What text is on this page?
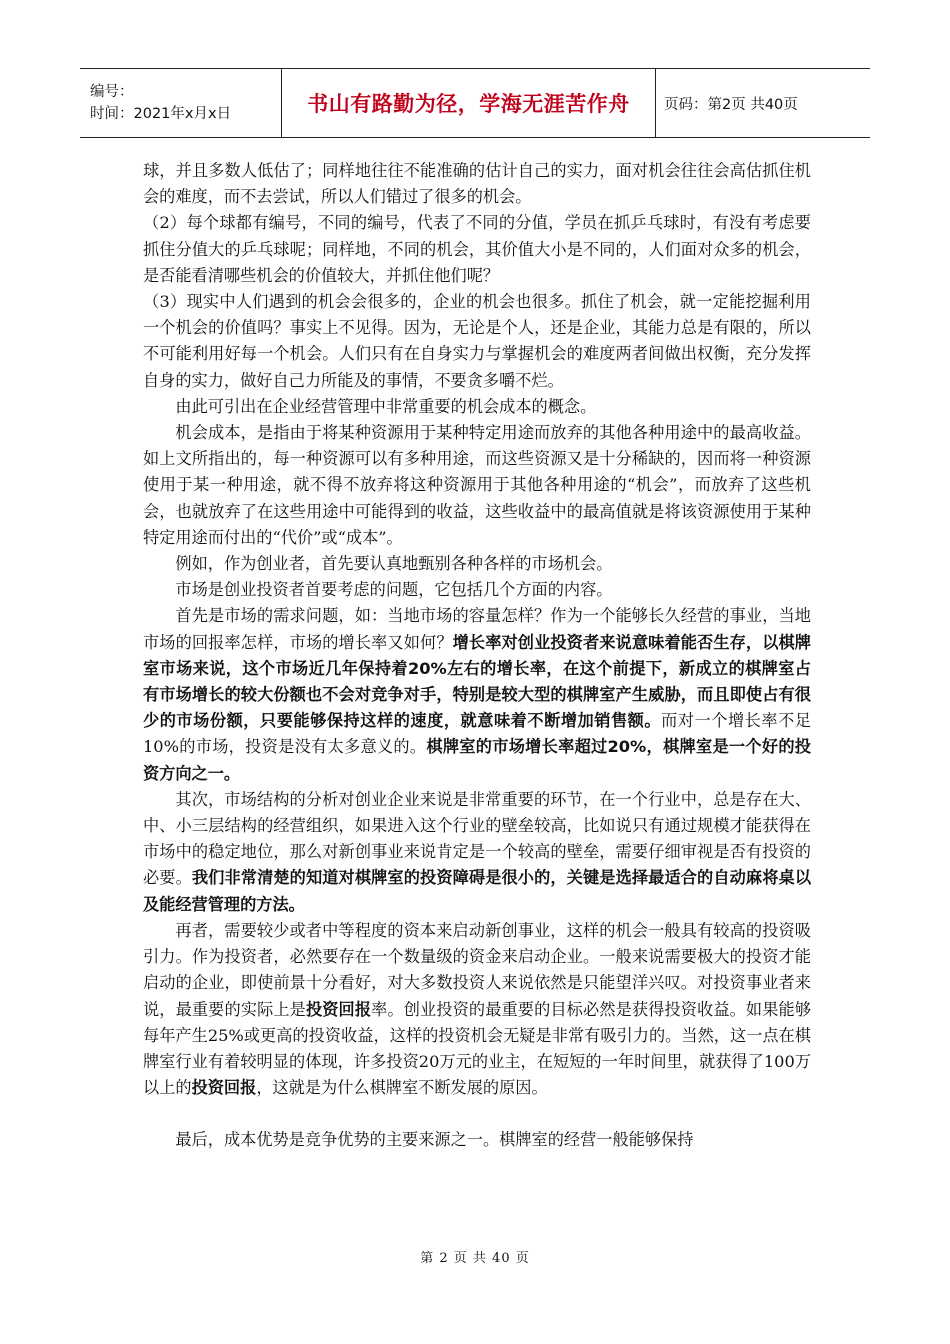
编号：
时间：2021年x月x日	书山有路勤为径，学海无涯苦作舟	页码：第2页 共40页

球，并且多数人低估了；同样地往往不能准确的估计自己的实力，面对机会往往会高估抓住机会的难度，而不去尝试，所以人们错过了很多的机会。

（2）每个球都有编号，不同的编号，代表了不同的分值，学员在抓乒乓球时，有没有考虑要抓住分值大的乒乓球呢；同样地，不同的机会，其价值大小是不同的，人们面对众多的机会，是否能看清哪些机会的价值较大，并抓住他们呢？

（3）现实中人们遇到的机会会很多的，企业的机会也很多。抓住了机会，就一定能挖掘利用一个机会的价值吗？事实上不见得。因为，无论是个人，还是企业，其能力总是有限的，所以不可能利用好每一个机会。人们只有在自身实力与掌握机会的难度两者间做出权衡，充分发挥自身的实力，做好自己力所能及的事情，不要贪多嚼不烂。

由此可引出在企业经营管理中非常重要的机会成本的概念。

机会成本，是指由于将某种资源用于某种特定用途而放弃的其他各种用途中的最高收益。如上文所指出的，每一种资源可以有多种用途，而这些资源又是十分稀缺的，因而将一种资源使用于某一种用途，就不得不放弃将这种资源用于其他各种用途的“机会”，而放弃了这些机会，也就放弃了在这些用途中可能得到的收益，这些收益中的最高值就是将该资源使用于某种特定用途而付出的“代价”或“成本”。

例如，作为创业者，首先要认真地甄别各种各样的市场机会。

市场是创业投资者首要考虑的问题，它包括几个方面的内容。

首先是市场的需求问题，如：当地市场的容量怎样？作为一个能够长久经营的事业，当地市场的回报率怎样，市场的增长率又如何？增长率对创业投资者来说意味着能否生存，以棋牌室市场来说，这个市场近几年保持着20%左右的增长率，在这个前提下，新成立的棋牌室占有市场增长的较大份额也不会对竞争对手，特别是较大型的棋牌室产生威胁，而且即使占有很少的市场份额，只要能够保持这样的速度，就意味着不断增加销售额。而对一个增长率不足10%的市场，投资是没有太多意义的。棋牌室的市场增长率超过20%，棋牌室是一个好的投资方向之一。

其次，市场结构的分析对创业企业来说是非常重要的环节，在一个行业中，总是存在大、中、小三层结构的经营组织，如果进入这个行业的壁垒较高，比如说只有通过规模才能获得在市场中的稳定地位，那么对新创事业来说肯定是一个较高的壁垒，需要仔细审视是否有投资的必要。我们非常清楚的知道对棋牌室的投资障碍是很小的，关键是选择最适合的自动麻将桌以及能经营管理的方法。

再者，需要较少或者中等程度的资本来启动新创事业，这样的机会一般具有较高的投资吸引力。作为投资者，必然要存在一个数量级的资金来启动企业。一般来说需要极大的投资才能启动的企业，即使前景十分看好，对大多数投资人来说依然是只能望洋兴叹。对投资事业者来说，最重要的实际上是投资回报率。创业投资的最重要的目标必然是获得投资收益。如果能够每年产生25%或更高的投资收益，这样的投资机会无疑是非常有吸引力的。当然，这一点在棋牌室行业有着较明显的体现，许多投资20万元的业主，在短短的一年时间里，就获得了100万以上的投资回报，这就是为什么棋牌室不断发展的原因。

最后，成本优势是竞争优势的主要来源之一。棋牌室的经营一般能够保持

第 2 页 共 40 页
